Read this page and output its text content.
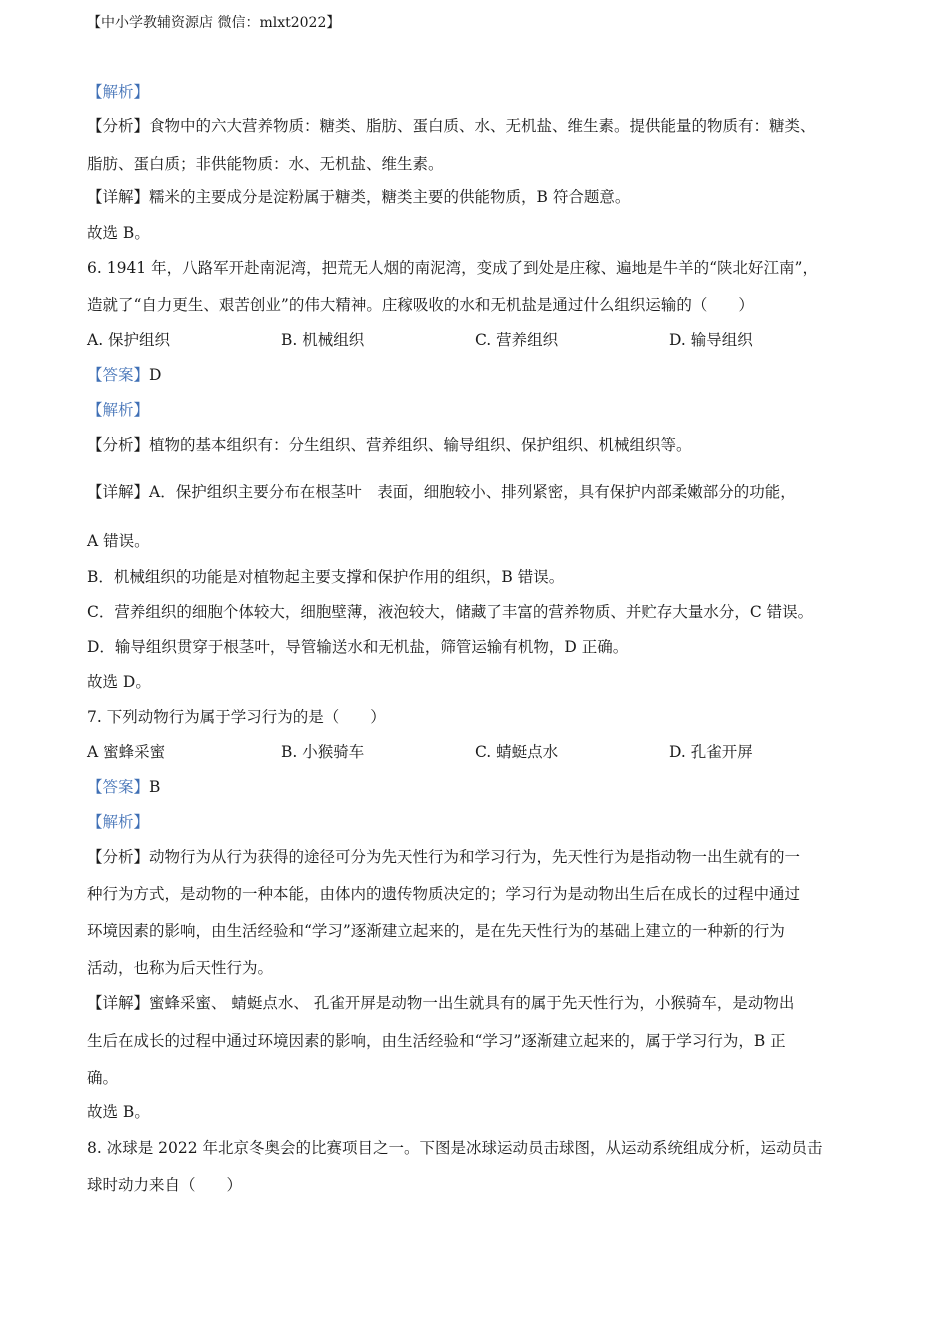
【中小学教辅资源店 微信：mlxt2022】
【解析】
【分析】食物中的六大营养物质：糖类、脂肪、蛋白质、水、无机盐、维生素。提供能量的物质有：糖类、
脂肪、蛋白质；非供能物质：水、无机盐、维生素。
【详解】糯米的主要成分是淀粉属于糖类，糖类主要的供能物质，B 符合题意。
故选 B。
6. 1941 年，八路军开赴南泥湾，把荒无人烟的南泥湾，变成了到处是庄稼、遍地是牛羊的“陕北好江南”，
造就了“自力更生、艰苦创业”的伟大精神。庄稼吸收的水和无机盐是通过什么组织运输的（　　）
A. 保护组织	B. 机械组织	C. 营养组织	D. 输导组织
【答案】D
【解析】
【分析】植物的基本组织有：分生组织、营养组织、输导组织、保护组织、机械组织等。
【详解】A．保护组织主要分布在根茎叶　表面，细胞较小、排列紧密，具有保护内部柔嫩部分的功能，
A 错误。
B．机械组织的功能是对植物起主要支撑和保护作用的组织，B 错误。
C．营养组织的细胞个体较大，细胞壁薄，液泡较大，储藏了丰富的营养物质、并贮存大量水分，C 错误。
D．输导组织贯穿于根茎叶，导管输送水和无机盐，筛管运输有机物，D 正确。
故选 D。
7. 下列动物行为属于学习行为的是（　　）
A 蜜蜂采蜜	B. 小猴骑车	C. 蜻蜓点水	D. 孔雀开屏
【答案】B
【解析】
【分析】动物行为从行为获得的途径可分为先天性行为和学习行为，先天性行为是指动物一出生就有的一
种行为方式，是动物的一种本能，由体内的遗传物质决定的；学习行为是动物出生后在成长的过程中通过
环境因素的影响，由生活经验和“学习”逐渐建立起来的，是在先天性行为的基础上建立的一种新的行为
活动，也称为后天性行为。
【详解】蜜蜂采蜜、 蜻蜓点水、 孔雀开屏是动物一出生就具有的属于先天性行为，小猴骑车，是动物出
生后在成长的过程中通过环境因素的影响，由生活经验和“学习”逐渐建立起来的，属于学习行为，B 正
确。
故选 B。
8. 冰球是 2022 年北京冬奥会的比赛项目之一。下图是冰球运动员击球图，从运动系统组成分析，运动员击
球时动力来自（　　）
